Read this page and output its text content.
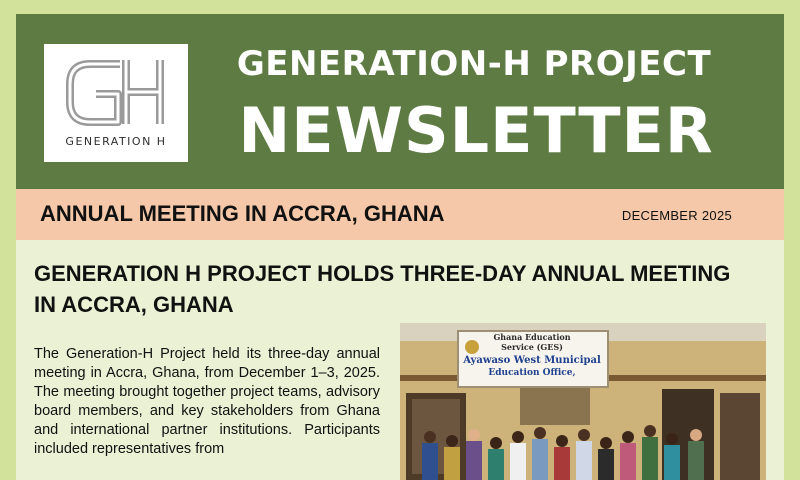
GENERATION H
GENERATION-H PROJECT
NEWSLETTER
ANNUAL MEETING IN ACCRA, GHANA	DECEMBER 2025
GENERATION H PROJECT HOLDS THREE-DAY ANNUAL MEETING IN ACCRA, GHANA
The Generation-H Project held its three-day annual meeting in Accra, Ghana, from December 1–3, 2025. The meeting brought together project teams, advisory board members, and key stakeholders from Ghana and international partner institutions. Participants included representatives from
Ghana Education
Service (GES)
Ayawaso West Municipal
Education Office,
